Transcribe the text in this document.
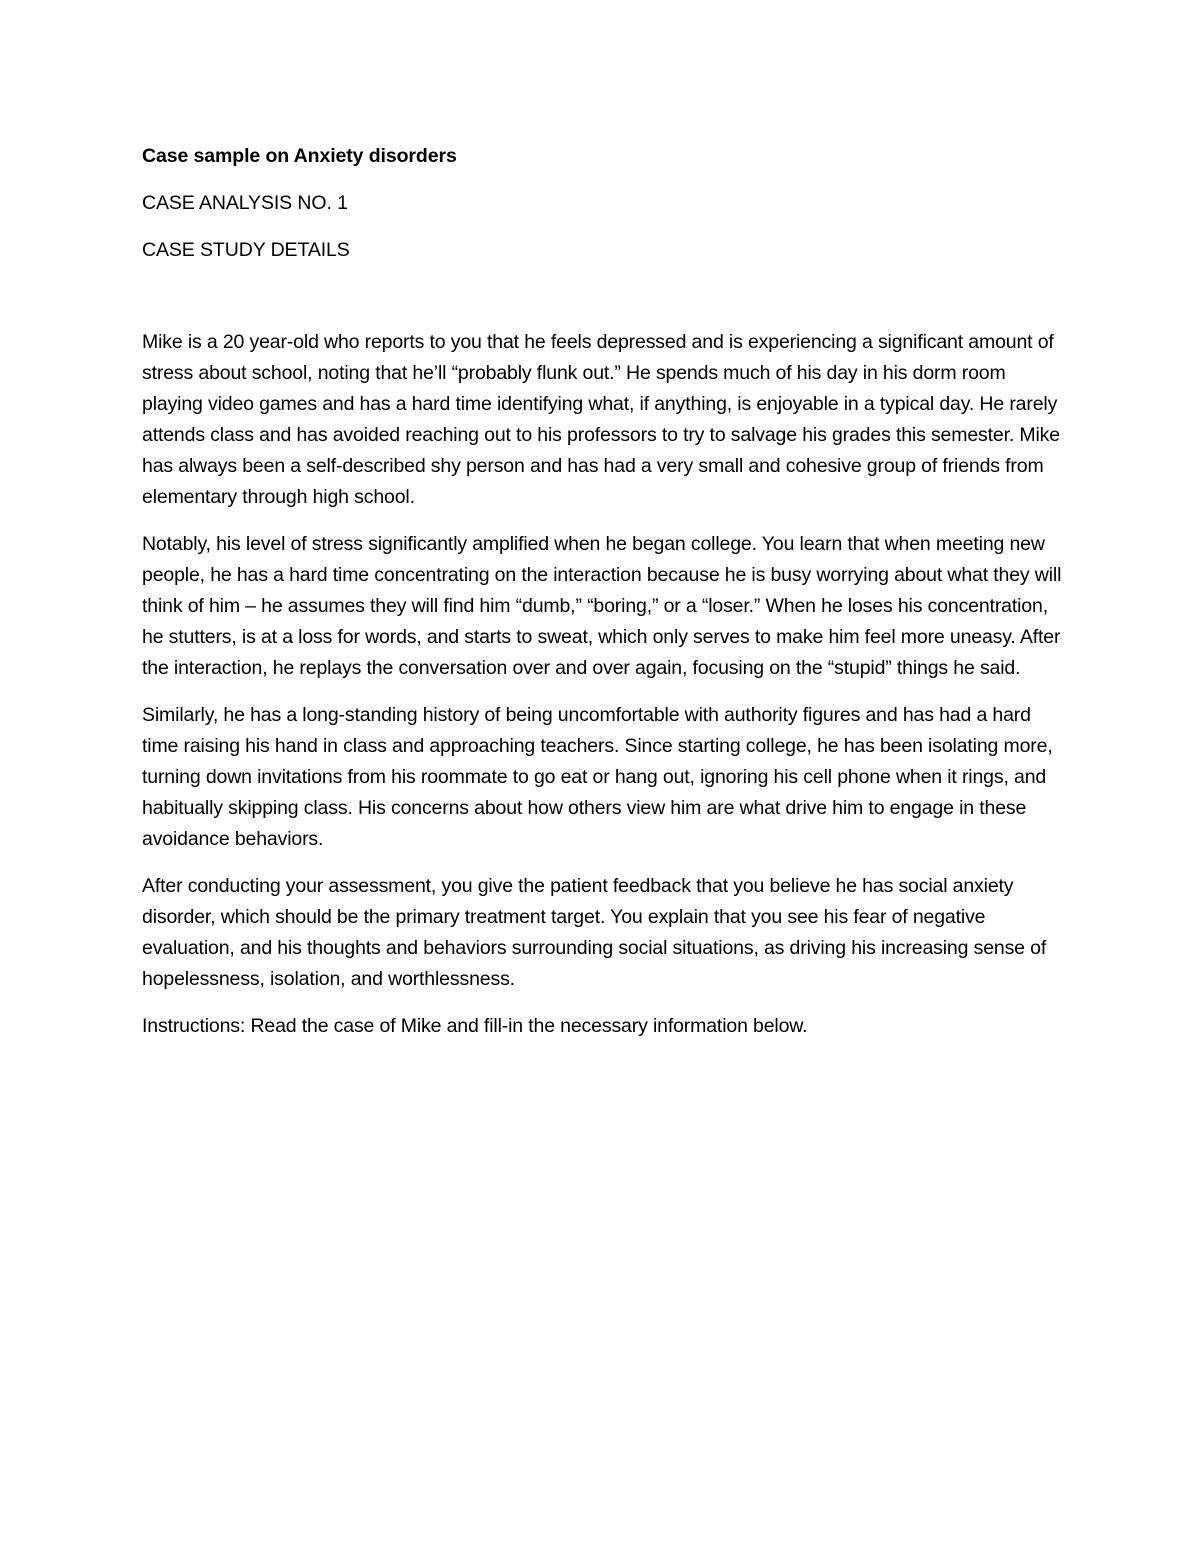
Case sample on Anxiety disorders
CASE ANALYSIS NO. 1
CASE STUDY DETAILS

Mike is a 20 year-old who reports to you that he feels depressed and is experiencing a significant amount of stress about school, noting that he’ll “probably flunk out.” He spends much of his day in his dorm room playing video games and has a hard time identifying what, if anything, is enjoyable in a typical day. He rarely attends class and has avoided reaching out to his professors to try to salvage his grades this semester. Mike has always been a self-described shy person and has had a very small and cohesive group of friends from elementary through high school.

Notably, his level of stress significantly amplified when he began college. You learn that when meeting new people, he has a hard time concentrating on the interaction because he is busy worrying about what they will think of him – he assumes they will find him “dumb,” “boring,” or a “loser.” When he loses his concentration, he stutters, is at a loss for words, and starts to sweat, which only serves to make him feel more uneasy. After the interaction, he replays the conversation over and over again, focusing on the “stupid” things he said.

Similarly, he has a long-standing history of being uncomfortable with authority figures and has had a hard time raising his hand in class and approaching teachers. Since starting college, he has been isolating more, turning down invitations from his roommate to go eat or hang out, ignoring his cell phone when it rings, and habitually skipping class. His concerns about how others view him are what drive him to engage in these avoidance behaviors.

After conducting your assessment, you give the patient feedback that you believe he has social anxiety disorder, which should be the primary treatment target. You explain that you see his fear of negative evaluation, and his thoughts and behaviors surrounding social situations, as driving his increasing sense of hopelessness, isolation, and worthlessness.

Instructions: Read the case of Mike and fill-in the necessary information below.
